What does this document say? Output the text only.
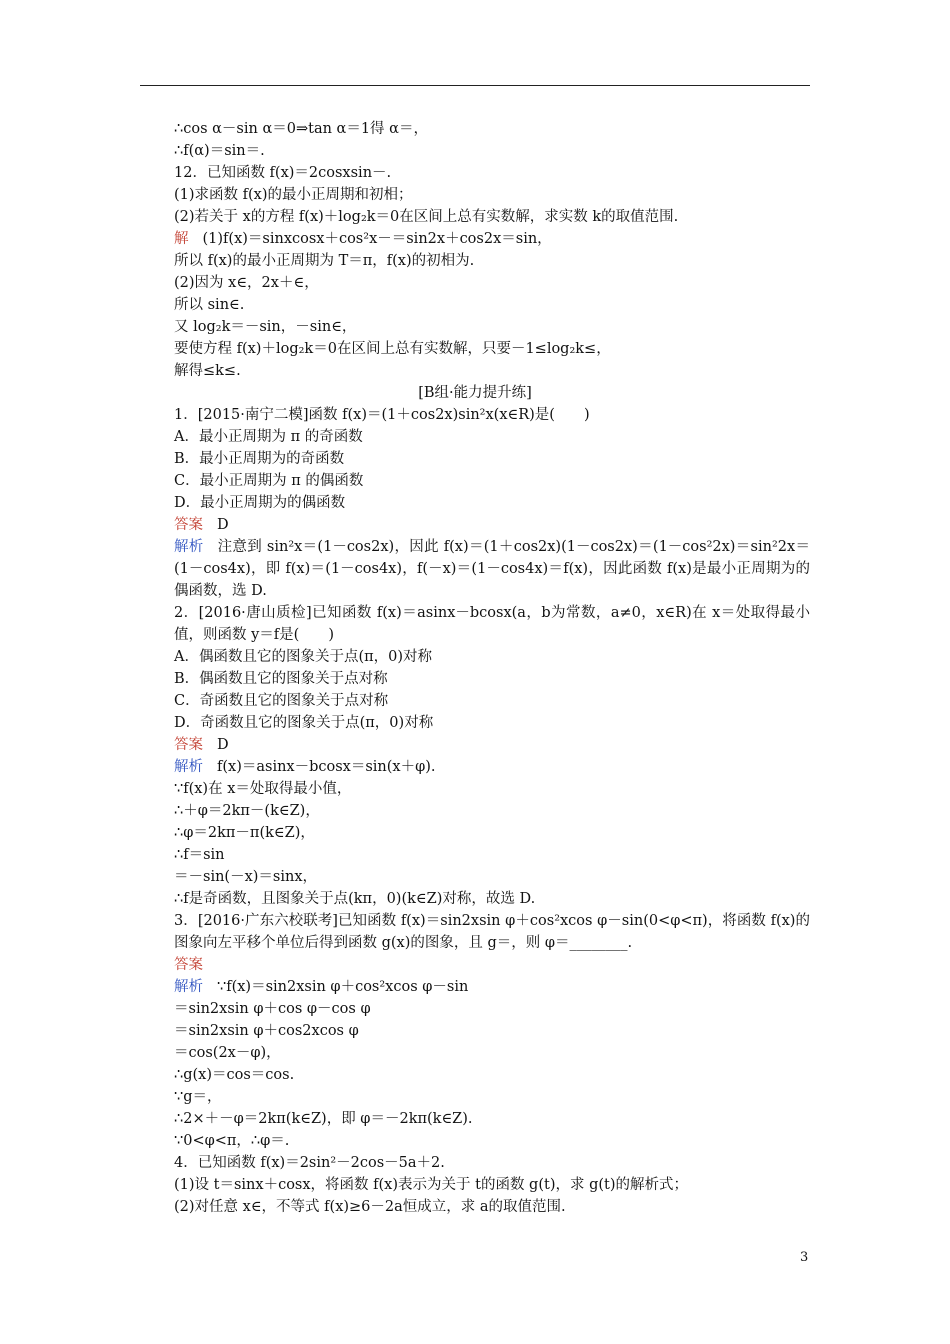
∴cos α－sin α＝0⇒tan α＝1得 α＝，
∴f(α)＝sin＝.
12．已知函数 f(x)＝2cosxsin－.
(1)求函数 f(x)的最小正周期和初相；
(2)若关于 x的方程 f(x)＋log₂k＝0在区间上总有实数解，求实数 k的取值范围.
解 (1)f(x)＝sinxcosx＋cos²x－＝sin2x＋cos2x＝sin，
所以 f(x)的最小正周期为 T＝π，f(x)的初相为.
(2)因为 x∈，2x＋∈，
所以 sin∈.
又 log₂k＝－sin，－sin∈，
要使方程 f(x)＋log₂k＝0在区间上总有实数解，只要－1≤log₂k≤，
解得≤k≤.
[B组·能力提升练]
1．[2015·南宁二模]函数 f(x)＝(1＋cos2x)sin²x(x∈R)是(　　)
A．最小正周期为 π 的奇函数
B．最小正周期为的奇函数
C．最小正周期为 π 的偶函数
D．最小正周期为的偶函数
答案 D
解析 注意到 sin²x＝(1－cos2x)，因此 f(x)＝(1＋cos2x)(1－cos2x)＝(1－cos²2x)＝sin²2x＝(1－cos4x)，即 f(x)＝(1－cos4x)，f(－x)＝(1－cos4x)＝f(x)，因此函数 f(x)是最小正周期为的偶函数，选 D.
2．[2016·唐山质检]已知函数 f(x)＝asinx－bcosx(a，b为常数，a≠0，x∈R)在 x＝处取得最小值，则函数 y＝f是(　　)
A．偶函数且它的图象关于点(π，0)对称
B．偶函数且它的图象关于点对称
C．奇函数且它的图象关于点对称
D．奇函数且它的图象关于点(π，0)对称
答案 D
解析 f(x)＝asinx－bcosx＝sin(x＋φ).
∵f(x)在 x＝处取得最小值，
∴＋φ＝2kπ－(k∈Z)，
∴φ＝2kπ－π(k∈Z)，
∴f＝sin
＝－sin(－x)＝sinx，
∴f是奇函数，且图象关于点(kπ，0)(k∈Z)对称，故选 D.
3．[2016·广东六校联考]已知函数 f(x)＝sin2xsin φ＋cos²xcos φ－sin(0<φ<π)，将函数 f(x)的图象向左平移个单位后得到函数 g(x)的图象，且 g＝，则 φ＝________.
答案
解析 ∵f(x)＝sin2xsin φ＋cos²xcos φ－sin
＝sin2xsin φ＋cos φ－cos φ
＝sin2xsin φ＋cos2xcos φ
＝cos(2x－φ)，
∴g(x)＝cos＝cos.
∵g＝，
∴2×＋－φ＝2kπ(k∈Z)，即 φ＝－2kπ(k∈Z).
∵0<φ<π，∴φ＝.
4．已知函数 f(x)＝2sin²－2cos－5a＋2.
(1)设 t＝sinx＋cosx，将函数 f(x)表示为关于 t的函数 g(t)，求 g(t)的解析式；
(2)对任意 x∈，不等式 f(x)≥6－2a恒成立，求 a的取值范围.
3
